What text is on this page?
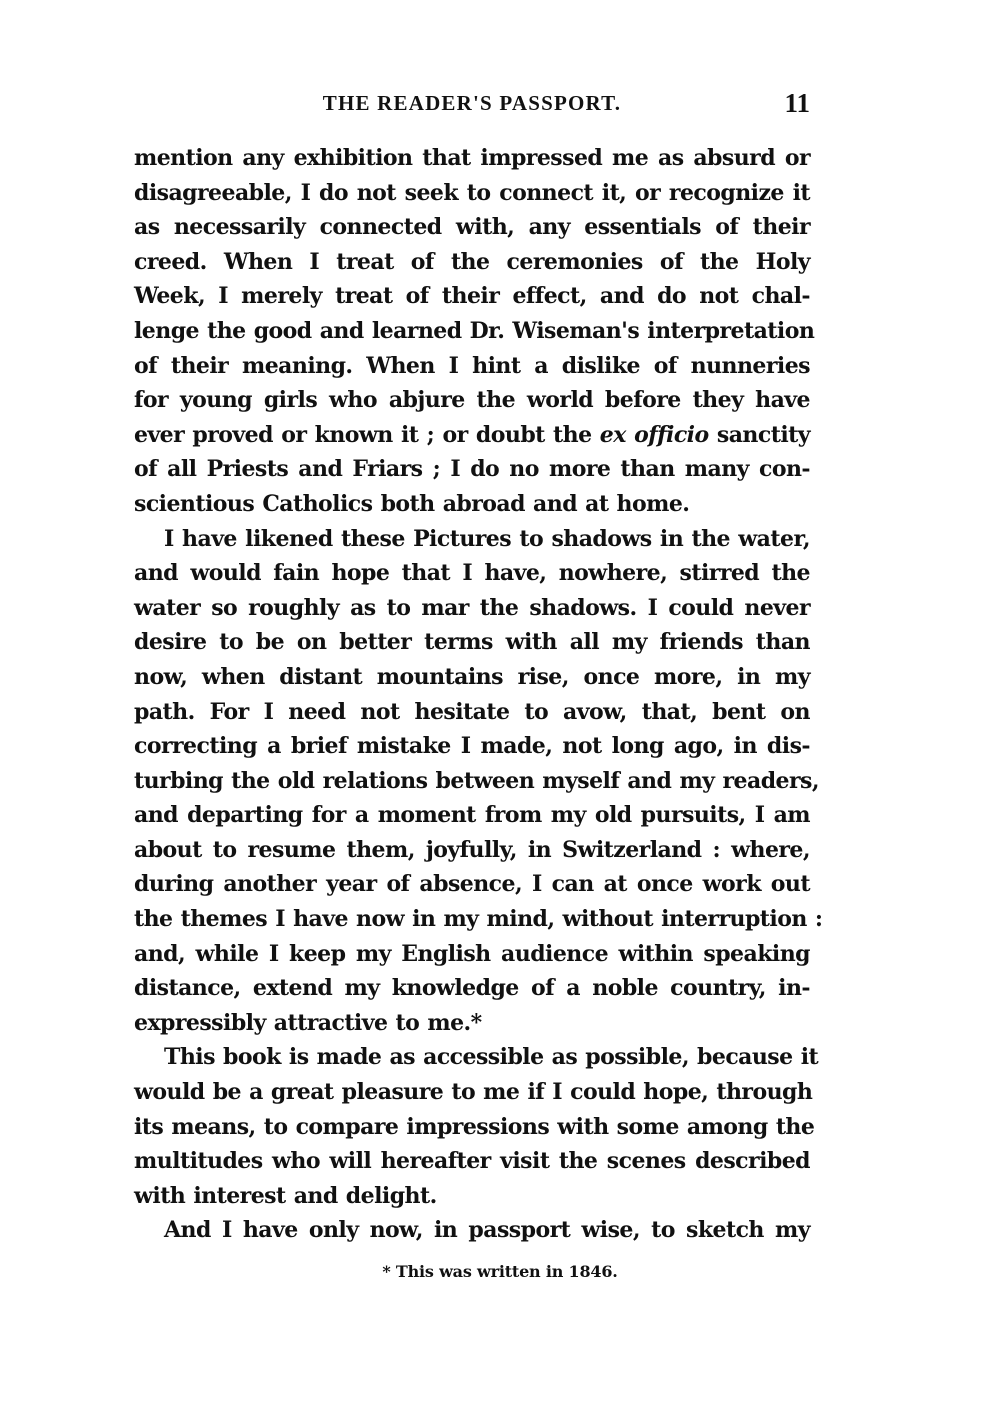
THE READER'S PASSPORT.	11
mention any exhibition that impressed me as absurd or
disagreeable, I do not seek to connect it, or recognize it
as necessarily connected with, any essentials of their
creed. When I treat of the ceremonies of the Holy
Week, I merely treat of their effect, and do not chal-
lenge the good and learned Dr. Wiseman's interpretation
of their meaning. When I hint a dislike of nunneries
for young girls who abjure the world before they have
ever proved or known it ; or doubt the ex officio sanctity
of all Priests and Friars ; I do no more than many con-
scientious Catholics both abroad and at home.
I have likened these Pictures to shadows in the water,
and would fain hope that I have, nowhere, stirred the
water so roughly as to mar the shadows. I could never
desire to be on better terms with all my friends than
now, when distant mountains rise, once more, in my
path. For I need not hesitate to avow, that, bent on
correcting a brief mistake I made, not long ago, in dis-
turbing the old relations between myself and my readers,
and departing for a moment from my old pursuits, I am
about to resume them, joyfully, in Switzerland : where,
during another year of absence, I can at once work out
the themes I have now in my mind, without interruption :
and, while I keep my English audience within speaking
distance, extend my knowledge of a noble country, in-
expressibly attractive to me.*
This book is made as accessible as possible, because it
would be a great pleasure to me if I could hope, through
its means, to compare impressions with some among the
multitudes who will hereafter visit the scenes described
with interest and delight.
And I have only now, in passport wise, to sketch my
* This was written in 1846.
